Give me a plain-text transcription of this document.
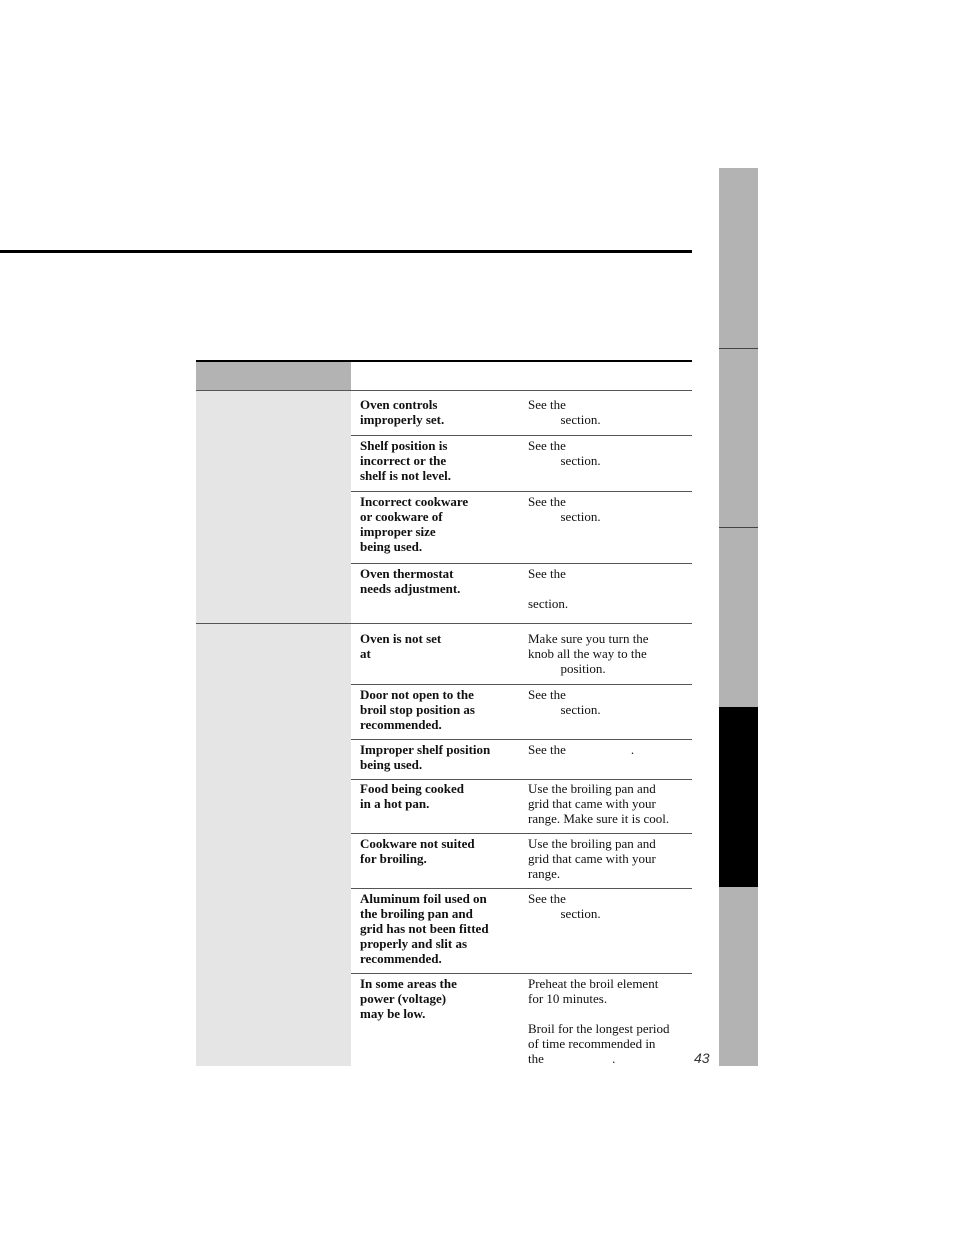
Oven controls
improperly set.
See the
section.
Shelf position is
incorrect or the
shelf is not level.
See the
section.
Incorrect cookware
or cookware of
improper size
being used.
See the
section.
Oven thermostat
needs adjustment.
See the

section.
Oven is not set
at
Make sure you turn the
knob all the way to the
position.
Door not open to the
broil stop position as
recommended.
See the
section.
Improper shelf position
being used.
See the                    .
Food being cooked
in a hot pan.
Use the broiling pan and
grid that came with your
range. Make sure it is cool.
Cookware not suited
for broiling.
Use the broiling pan and
grid that came with your
range.
Aluminum foil used on
the broiling pan and
grid has not been fitted
properly and slit as
recommended.
See the
section.
In some areas the
power (voltage)
may be low.
Preheat the broil element
for 10 minutes.

Broil for the longest period
of time recommended in
the                     .	43
